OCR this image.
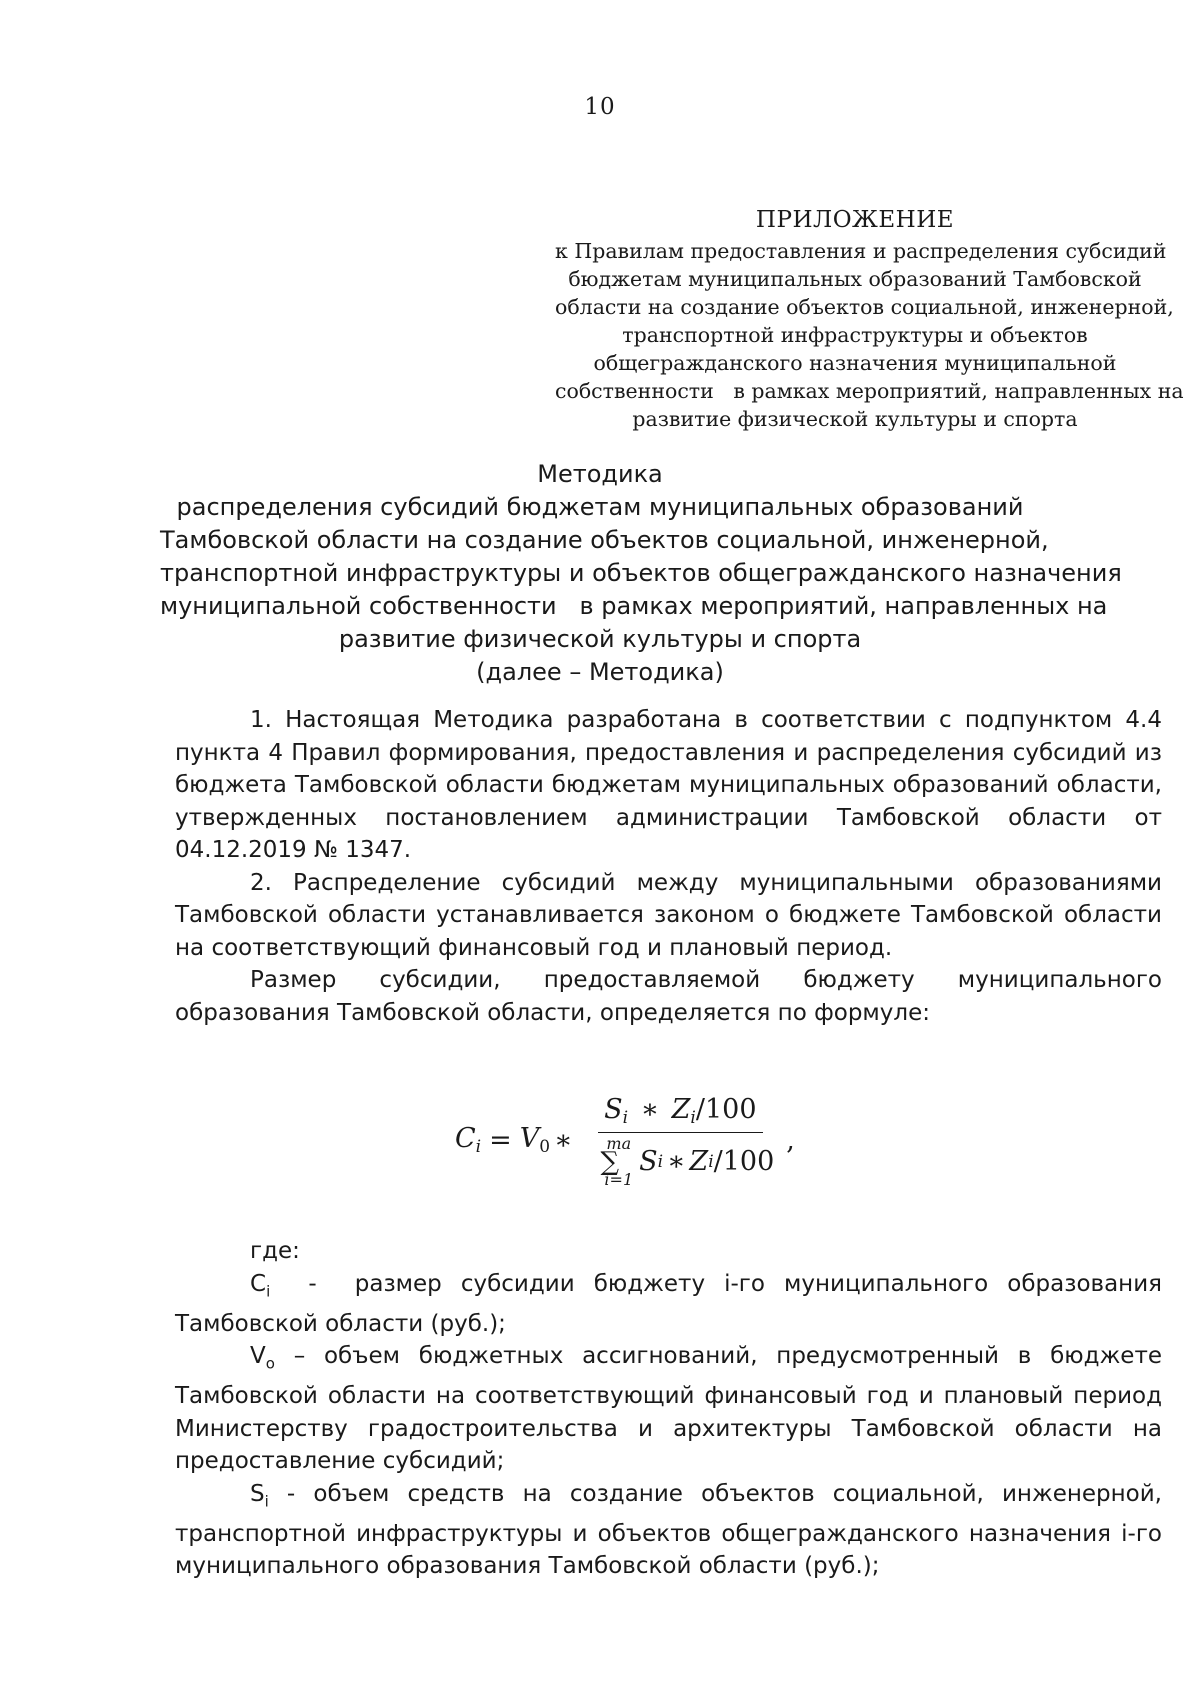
10
ПРИЛОЖЕНИЕ
к Правилам предоставления и распределения субсидий
бюджетам муниципальных образований Тамбовской
области на создание объектов социальной, инженерной,
транспортной инфраструктуры и объектов
общегражданского назначения муниципальной
собственности   в рамках мероприятий, направленных на
развитие физической культуры и спорта
Методика
распределения субсидий бюджетам муниципальных образований
Тамбовской области на создание объектов социальной, инженерной,
транспортной инфраструктуры и объектов общегражданского назначения
муниципальной собственности   в рамках мероприятий, направленных на
развитие физической культуры и спорта
(далее – Методика)

1. Настоящая Методика разработана в соответствии с подпунктом 4.4 пункта 4 Правил формирования, предоставления и распределения субсидий из бюджета Тамбовской области бюджетам муниципальных образований области, утвержденных постановлением администрации Тамбовской области от 04.12.2019 № 1347.

2. Распределение субсидий между муниципальными образованиями Тамбовской области устанавливается законом о бюджете Тамбовской области на соответствующий финансовый год и плановый период.

Размер субсидии, предоставляемой бюджету муниципального образования Тамбовской области, определяется по формуле:

$C_i = V_0$ ∗
$S_i$ ∗ $Z_i/100$
ma
∑
i=1
S i ∗ Z i /100
,

где:

$C_i$  -  размер субсидии бюджету i-го муниципального образования Тамбовской области (руб.);

$V_o$ – объем бюджетных ассигнований, предусмотренный в бюджете Тамбовской области на соответствующий финансовый год и плановый период Министерству градостроительства и архитектуры Тамбовской области на предоставление субсидий;

$S_i$ - объем средств на создание объектов социальной, инженерной, транспортной инфраструктуры и объектов общегражданского назначения i-го муниципального образования Тамбовской области (руб.);
